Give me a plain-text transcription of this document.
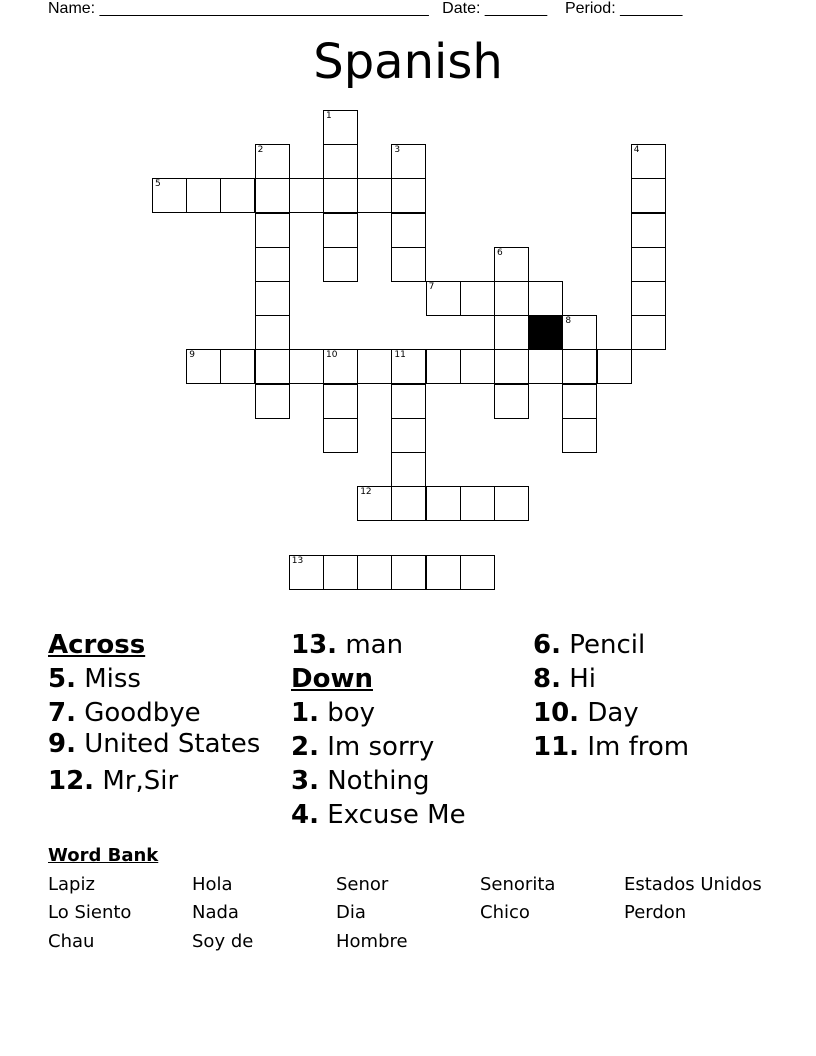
Name: _____________________________________ Date: _______ Period: _______
Spanish
1
2	3	4
5
6
7
8
9	10	11
12
13
Across
5. Miss
7. Goodbye
9. United States
12. Mr,Sir
13. man
Down
1. boy
2. Im sorry
3. Nothing
4. Excuse Me
6. Pencil
8. Hi
10. Day
11. Im from
Word Bank
Lapiz	Hola	Senor	Senorita	Estados Unidos
Lo Siento	Nada	Dia	Chico	Perdon
Chau	Soy de	Hombre
